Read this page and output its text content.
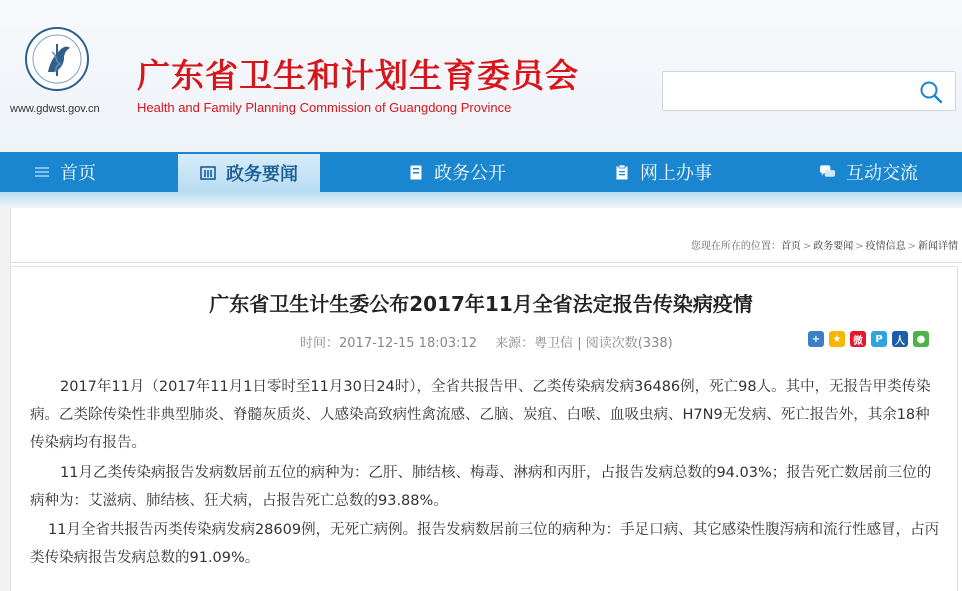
www.gdwst.gov.cn
广东省卫生和计划生育委员会
Health and Family Planning Commission of Guangdong Province
首页	政务要闻	政务公开	网上办事	互动交流
您现在所在的位置：首页 > 政务要闻 > 疫情信息 > 新闻详情
广东省卫生计生委公布2017年11月全省法定报告传染病疫情
时间：2017-12-15 18:03:12 来源：粤卫信 | 阅读次数(338)	+	★	微	P	人	●

2017年11月（2017年11月1日零时至11月30日24时），全省共报告甲、乙类传染病发病36486例，死亡98人。其中，无报告甲类传染病。乙类除传染性非典型肺炎、脊髓灰质炎、人感染高致病性禽流感、乙脑、炭疽、白喉、血吸虫病、H7N9无发病、死亡报告外，其余18种传染病均有报告。

11月乙类传染病报告发病数居前五位的病种为：乙肝、肺结核、梅毒、淋病和丙肝，占报告发病总数的94.03%；报告死亡数居前三位的病种为：艾滋病、肺结核、狂犬病，占报告死亡总数的93.88%。

11月全省共报告丙类传染病发病28609例，无死亡病例。报告发病数居前三位的病种为：手足口病、其它感染性腹泻病和流行性感冒，占丙类传染病报告发病总数的91.09%。
